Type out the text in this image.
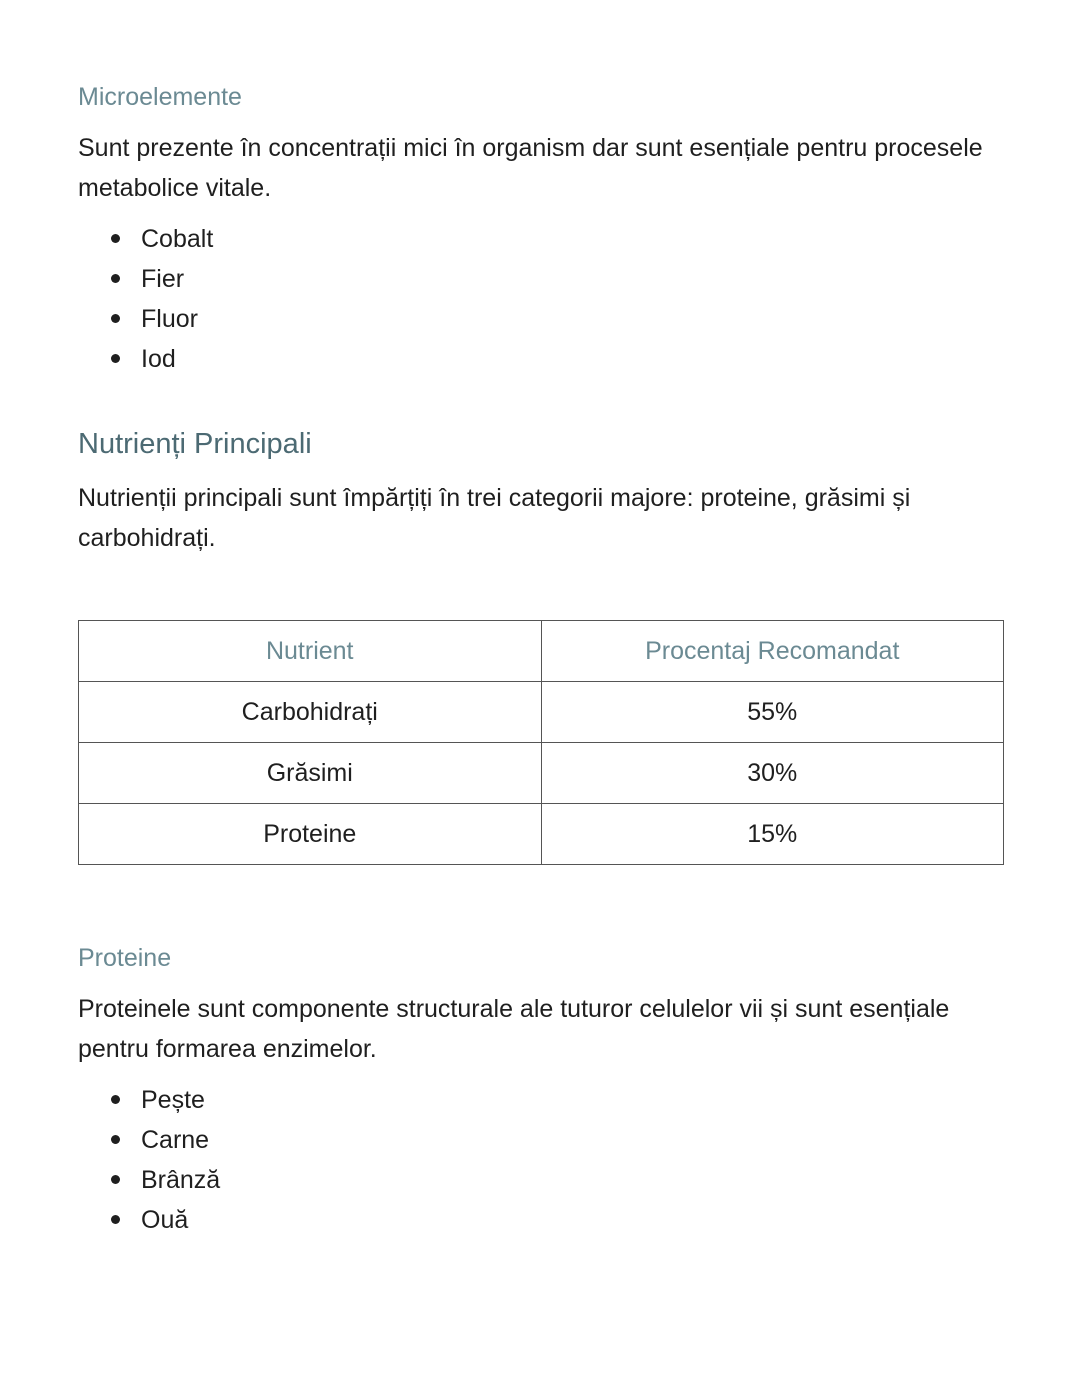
Microelemente

Sunt prezente în concentrații mici în organism dar sunt esențiale pentru procesele metabolice vitale.

Cobalt
Fier
Fluor
Iod
Nutrienți Principali

Nutrienții principali sunt împărțiți în trei categorii majore: proteine, grăsimi și carbohidrați.

Nutrient	Procentaj Recomandat
Carbohidrați	55%
Grăsimi	30%
Proteine	15%
Proteine

Proteinele sunt componente structurale ale tuturor celulelor vii și sunt esențiale pentru formarea enzimelor.

Pește
Carne
Brânză
Ouă
